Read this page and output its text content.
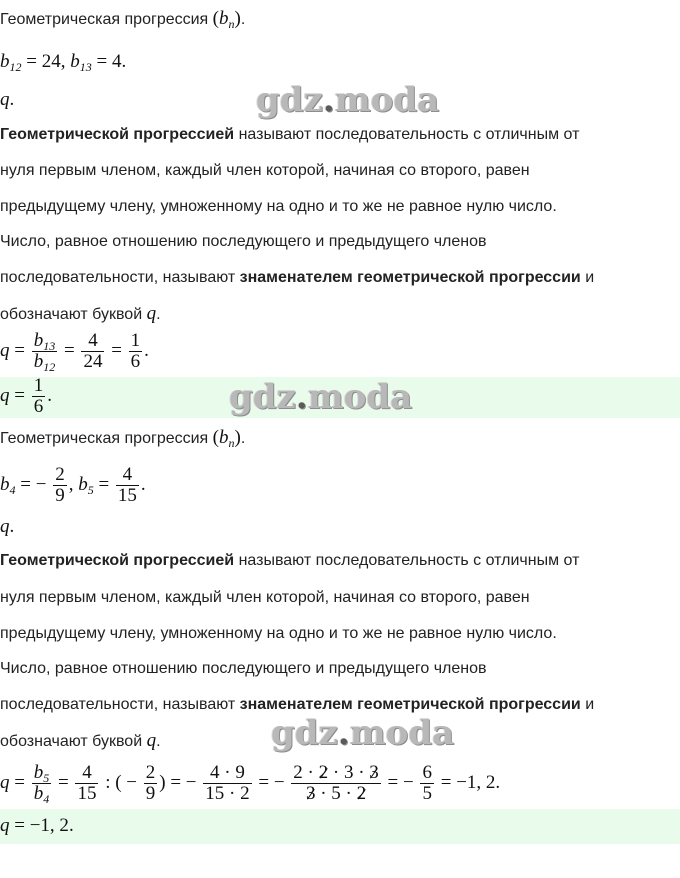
Геометрическая прогрессия $(b_n)$.
$b_{12} = 24$, $b_{13} = 4$.
q.	gdz.moda
Геометрической прогрессией называют последовательность с отличным от
нуля первым членом, каждый член которой, начиная со второго, равен
предыдущему члену, умноженному на одно и то же не равное нулю число.
Число, равное отношению последующего и предыдущего членов
последовательности, называют знаменателем геометрической прогрессии и
обозначают буквой q.
$q = \frac{b_{13}}{b_{12}} = \frac{4}{24} = \frac{1}{6}$ .
$q = \frac{1}{6}$ .	gdz.moda
Геометрическая прогрессия $(b_n)$.
$b_4$ = − $\frac{2}{9}$ , $b_5 = \frac{4}{15}$ .
q.
Геометрической прогрессией называют последовательность с отличным от
нуля первым членом, каждый член которой, начиная со второго, равен
предыдущему члену, умноженному на одно и то же не равное нулю число.
Число, равное отношению последующего и предыдущего членов
последовательности, называют знаменателем геометрической прогрессии и
обозначают буквой q.	gdz.moda
$q = \frac{b_5}{b_4} = \frac{4}{15}$ : ( − $\frac{2}{9}$ ) = − $\frac{4 \cdot 9}{15 \cdot 2}$ = − $\frac{2 \cdot 2 \cdot 3 \cdot 3}{3 \cdot 5 \cdot 2}$ = − $\frac{6}{5} = -1$, 2.
q = −1, 2.
